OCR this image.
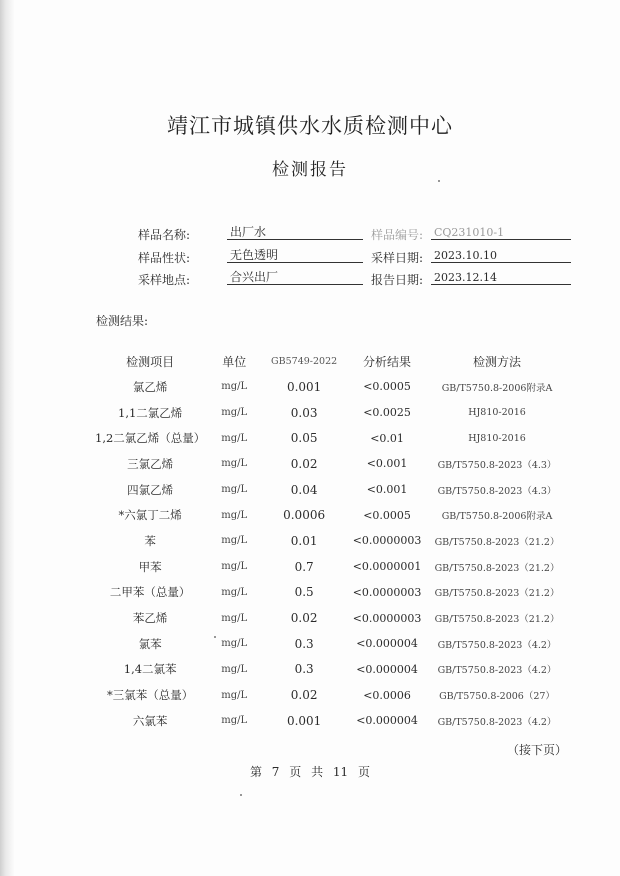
靖江市城镇供水水质检测中心
检测报告
样品名称:	出厂水	样品编号: CQ231010-1
样品性状:	无色透明	采样日期: 2023.10.10
采样地点:	合兴出厂	报告日期: 2023.12.14
检测结果:
检测项目	单位	GB5749-2022	分析结果	检测方法
氯乙烯	mg/L	0.001	<0.0005	GB/T5750.8-2006附录A
1,1二氯乙烯	mg/L	0.03	<0.0025	HJ810-2016
1,2二氯乙烯（总量）	mg/L	0.05	<0.01	HJ810-2016
三氯乙烯	mg/L	0.02	<0.001	GB/T5750.8-2023（4.3）
四氯乙烯	mg/L	0.04	<0.001	GB/T5750.8-2023（4.3）
*六氯丁二烯	mg/L	0.0006	<0.0005	GB/T5750.8-2006附录A
苯	mg/L	0.01	<0.0000003	GB/T5750.8-2023（21.2）
甲苯	mg/L	0.7	<0.0000001	GB/T5750.8-2023（21.2）
二甲苯（总量）	mg/L	0.5	<0.0000003	GB/T5750.8-2023（21.2）
苯乙烯	mg/L	0.02	<0.0000003	GB/T5750.8-2023（21.2）
氯苯	mg/L	0.3	<0.000004	GB/T5750.8-2023（4.2）
1,4二氯苯	mg/L	0.3	<0.000004	GB/T5750.8-2023（4.2）
*三氯苯（总量）	mg/L	0.02	<0.0006	GB/T5750.8-2006（27）
六氯苯	mg/L	0.001	<0.000004	GB/T5750.8-2023（4.2）
（接下页）
第 7 页 共 11 页
